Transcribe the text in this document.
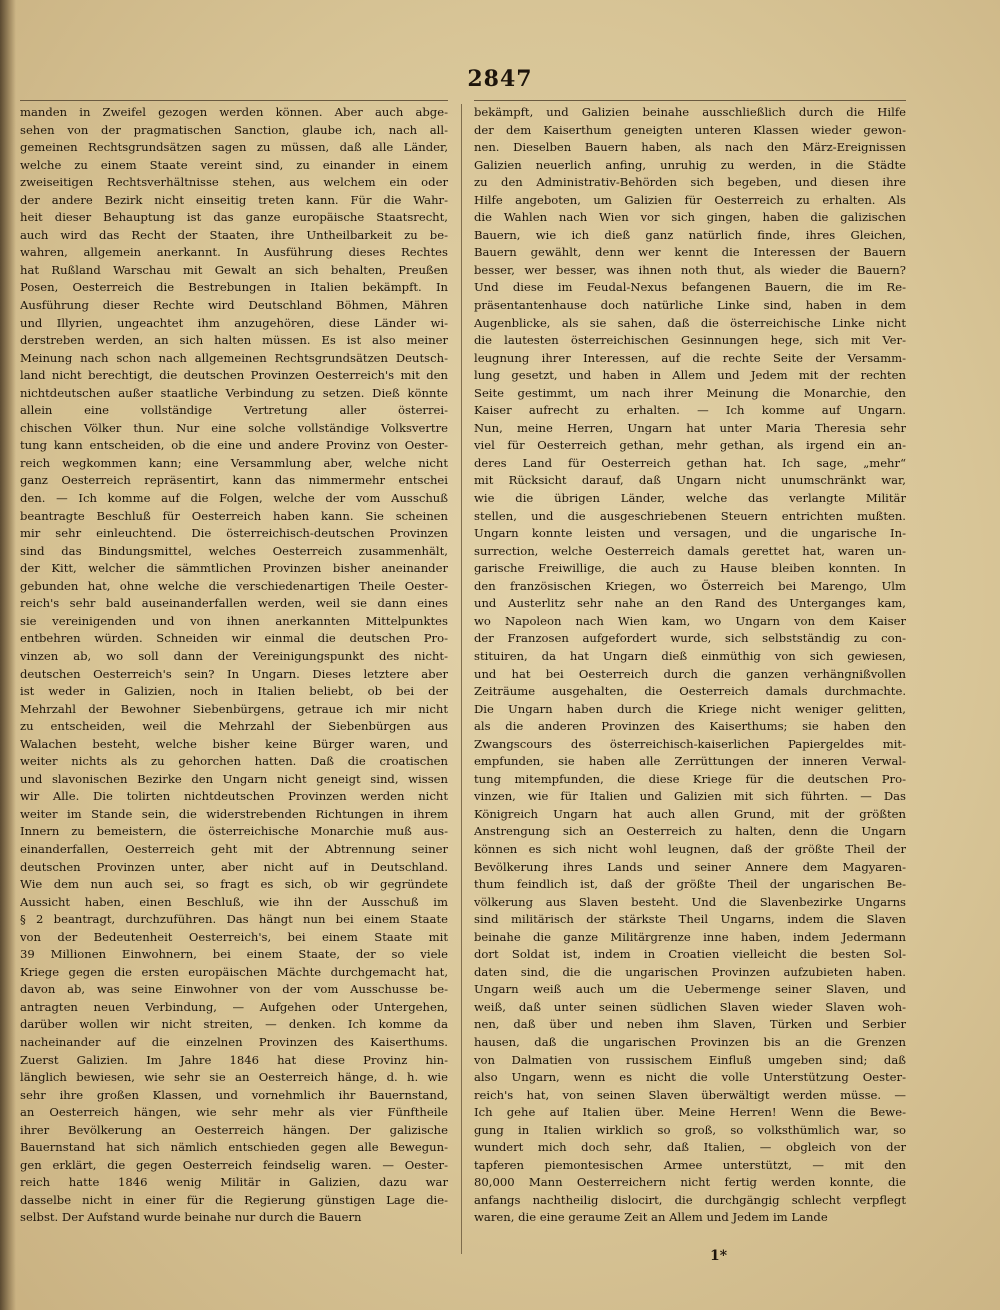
2847

manden in Zweifel gezogen werden können. Aber auch abge-

sehen von der pragmatischen Sanction, glaube ich, nach all-

gemeinen Rechtsgrundsätzen sagen zu müssen, daß alle Länder,

welche zu einem Staate vereint sind, zu einander in einem

zweiseitigen Rechtsverhältnisse stehen, aus welchem ein oder

der andere Bezirk nicht einseitig treten kann. Für die Wahr-

heit dieser Behauptung ist das ganze europäische Staatsrecht,

auch wird das Recht der Staaten, ihre Untheilbarkeit zu be-

wahren, allgemein anerkannt. In Ausführung dieses Rechtes

hat Rußland Warschau mit Gewalt an sich behalten, Preußen

Posen, Oesterreich die Bestrebungen in Italien bekämpft. In

Ausführung dieser Rechte wird Deutschland Böhmen, Mähren

und Illyrien, ungeachtet ihm anzugehören, diese Länder wi-

derstreben werden, an sich halten müssen. Es ist also meiner

Meinung nach schon nach allgemeinen Rechtsgrundsätzen Deutsch-

land nicht berechtigt, die deutschen Provinzen Oesterreich's mit den

nichtdeutschen außer staatliche Verbindung zu setzen. Dieß könnte

allein eine vollständige Vertretung aller österrei-

chischen Völker thun. Nur eine solche vollständige Volksvertre

tung kann entscheiden, ob die eine und andere Provinz von Oester-

reich wegkommen kann; eine Versammlung aber, welche nicht

ganz Oesterreich repräsentirt, kann das nimmermehr entschei

den. — Ich komme auf die Folgen, welche der vom Ausschuß

beantragte Beschluß für Oesterreich haben kann. Sie scheinen

mir sehr einleuchtend. Die österreichisch-deutschen Provinzen

sind das Bindungsmittel, welches Oesterreich zusammenhält,

der Kitt, welcher die sämmtlichen Provinzen bisher aneinander

gebunden hat, ohne welche die verschiedenartigen Theile Oester-

reich's sehr bald auseinanderfallen werden, weil sie dann eines

sie vereinigenden und von ihnen anerkannten Mittelpunktes

entbehren würden. Schneiden wir einmal die deutschen Pro-

vinzen ab, wo soll dann der Vereinigungspunkt des nicht-

deutschen Oesterreich's sein? In Ungarn. Dieses letztere aber

ist weder in Galizien, noch in Italien beliebt, ob bei der

Mehrzahl der Bewohner Siebenbürgens, getraue ich mir nicht

zu entscheiden, weil die Mehrzahl der Siebenbürgen aus

Walachen besteht, welche bisher keine Bürger waren, und

weiter nichts als zu gehorchen hatten. Daß die croatischen

und slavonischen Bezirke den Ungarn nicht geneigt sind, wissen

wir Alle. Die tolirten nichtdeutschen Provinzen werden nicht

weiter im Stande sein, die widerstrebenden Richtungen in ihrem

Innern zu bemeistern, die österreichische Monarchie muß aus-

einanderfallen, Oesterreich geht mit der Abtrennung seiner

deutschen Provinzen unter, aber nicht auf in Deutschland.

Wie dem nun auch sei, so fragt es sich, ob wir gegründete

Aussicht haben, einen Beschluß, wie ihn der Ausschuß im

§ 2 beantragt, durchzuführen. Das hängt nun bei einem Staate

von der Bedeutenheit Oesterreich's, bei einem Staate mit

39 Millionen Einwohnern, bei einem Staate, der so viele

Kriege gegen die ersten europäischen Mächte durchgemacht hat,

davon ab, was seine Einwohner von der vom Ausschusse be-

antragten neuen Verbindung, — Aufgehen oder Untergehen,

darüber wollen wir nicht streiten, — denken. Ich komme da

nacheinander auf die einzelnen Provinzen des Kaiserthums.

Zuerst Galizien. Im Jahre 1846 hat diese Provinz hin-

länglich bewiesen, wie sehr sie an Oesterreich hänge, d. h. wie

sehr ihre großen Klassen, und vornehmlich ihr Bauernstand,

an Oesterreich hängen, wie sehr mehr als vier Fünftheile

ihrer Bevölkerung an Oesterreich hängen. Der galizische

Bauernstand hat sich nämlich entschieden gegen alle Bewegun-

gen erklärt, die gegen Oesterreich feindselig waren. — Oester-

reich hatte 1846 wenig Militär in Galizien, dazu war

dasselbe nicht in einer für die Regierung günstigen Lage die-

selbst. Der Aufstand wurde beinahe nur durch die Bauern

bekämpft, und Galizien beinahe ausschließlich durch die Hilfe

der dem Kaiserthum geneigten unteren Klassen wieder gewon-

nen. Dieselben Bauern haben, als nach den März-Ereignissen

Galizien neuerlich anfing, unruhig zu werden, in die Städte

zu den Administrativ-Behörden sich begeben, und diesen ihre

Hilfe angeboten, um Galizien für Oesterreich zu erhalten. Als

die Wahlen nach Wien vor sich gingen, haben die galizischen

Bauern, wie ich dieß ganz natürlich finde, ihres Gleichen,

Bauern gewählt, denn wer kennt die Interessen der Bauern

besser, wer besser, was ihnen noth thut, als wieder die Bauern?

Und diese im Feudal-Nexus befangenen Bauern, die im Re-

präsentantenhause doch natürliche Linke sind, haben in dem

Augenblicke, als sie sahen, daß die österreichische Linke nicht

die lautesten österreichischen Gesinnungen hege, sich mit Ver-

leugnung ihrer Interessen, auf die rechte Seite der Versamm-

lung gesetzt, und haben in Allem und Jedem mit der rechten

Seite gestimmt, um nach ihrer Meinung die Monarchie, den

Kaiser aufrecht zu erhalten. — Ich komme auf Ungarn.

Nun, meine Herren, Ungarn hat unter Maria Theresia sehr

viel für Oesterreich gethan, mehr gethan, als irgend ein an-

deres Land für Oesterreich gethan hat. Ich sage, „mehr“

mit Rücksicht darauf, daß Ungarn nicht unumschränkt war,

wie die übrigen Länder, welche das verlangte Militär

stellen, und die ausgeschriebenen Steuern entrichten mußten.

Ungarn konnte leisten und versagen, und die ungarische In-

surrection, welche Oesterreich damals gerettet hat, waren un-

garische Freiwillige, die auch zu Hause bleiben konnten. In

den französischen Kriegen, wo Österreich bei Marengo, Ulm

und Austerlitz sehr nahe an den Rand des Unterganges kam,

wo Napoleon nach Wien kam, wo Ungarn von dem Kaiser

der Franzosen aufgefordert wurde, sich selbstständig zu con-

stituiren, da hat Ungarn dieß einmüthig von sich gewiesen,

und hat bei Oesterreich durch die ganzen verhängnißvollen

Zeiträume ausgehalten, die Oesterreich damals durchmachte.

Die Ungarn haben durch die Kriege nicht weniger gelitten,

als die anderen Provinzen des Kaiserthums; sie haben den

Zwangscours des österreichisch-kaiserlichen Papiergeldes mit-

empfunden, sie haben alle Zerrüttungen der inneren Verwal-

tung mitempfunden, die diese Kriege für die deutschen Pro-

vinzen, wie für Italien und Galizien mit sich führten. — Das

Königreich Ungarn hat auch allen Grund, mit der größten

Anstrengung sich an Oesterreich zu halten, denn die Ungarn

können es sich nicht wohl leugnen, daß der größte Theil der

Bevölkerung ihres Lands und seiner Annere dem Magyaren-

thum feindlich ist, daß der größte Theil der ungarischen Be-

völkerung aus Slaven besteht. Und die Slavenbezirke Ungarns

sind militärisch der stärkste Theil Ungarns, indem die Slaven

beinahe die ganze Militärgrenze inne haben, indem Jedermann

dort Soldat ist, indem in Croatien vielleicht die besten Sol-

daten sind, die die ungarischen Provinzen aufzubieten haben.

Ungarn weiß auch um die Uebermenge seiner Slaven, und

weiß, daß unter seinen südlichen Slaven wieder Slaven woh-

nen, daß über und neben ihm Slaven, Türken und Serbier

hausen, daß die ungarischen Provinzen bis an die Grenzen

von Dalmatien von russischem Einfluß umgeben sind; daß

also Ungarn, wenn es nicht die volle Unterstützung Oester-

reich's hat, von seinen Slaven überwältigt werden müsse. —

Ich gehe auf Italien über. Meine Herren! Wenn die Bewe-

gung in Italien wirklich so groß, so volksthümlich war, so

wundert mich doch sehr, daß Italien, — obgleich von der

tapferen piemontesischen Armee unterstützt, — mit den

80,000 Mann Oesterreichern nicht fertig werden konnte, die

anfangs nachtheilig dislocirt, die durchgängig schlecht verpflegt

waren, die eine geraume Zeit an Allem und Jedem im Lande

1*
